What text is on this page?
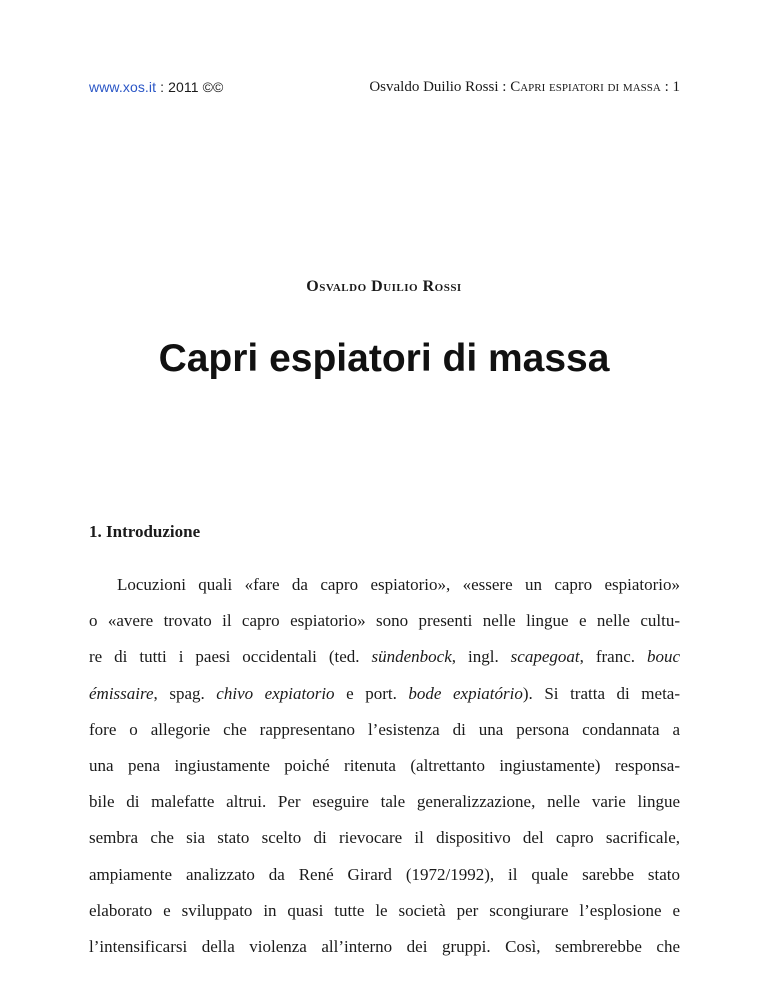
www.xos.it : 2011 ©©	Osvaldo Duilio Rossi : Capri espiatori di massa : 1
Osvaldo Duilio Rossi
Capri espiatori di massa
1. Introduzione
Locuzioni quali «fare da capro espiatorio», «essere un capro espiatorio»
o «avere trovato il capro espiatorio» sono presenti nelle lingue e nelle cultu-
re di tutti i paesi occidentali (ted. sündenbock, ingl. scapegoat, franc. bouc
émissaire, spag. chivo expiatorio e port. bode expiatório). Si tratta di meta-
fore o allegorie che rappresentano l’esistenza di una persona condannata a
una pena ingiustamente poiché ritenuta (altrettanto ingiustamente) responsa-
bile di malefatte altrui. Per eseguire tale generalizzazione, nelle varie lingue
sembra che sia stato scelto di rievocare il dispositivo del capro sacrificale,
ampiamente analizzato da René Girard (1972/1992), il quale sarebbe stato
elaborato e sviluppato in quasi tutte le società per scongiurare l’esplosione e
l’intensificarsi della violenza all’interno dei gruppi. Così, sembrerebbe che
